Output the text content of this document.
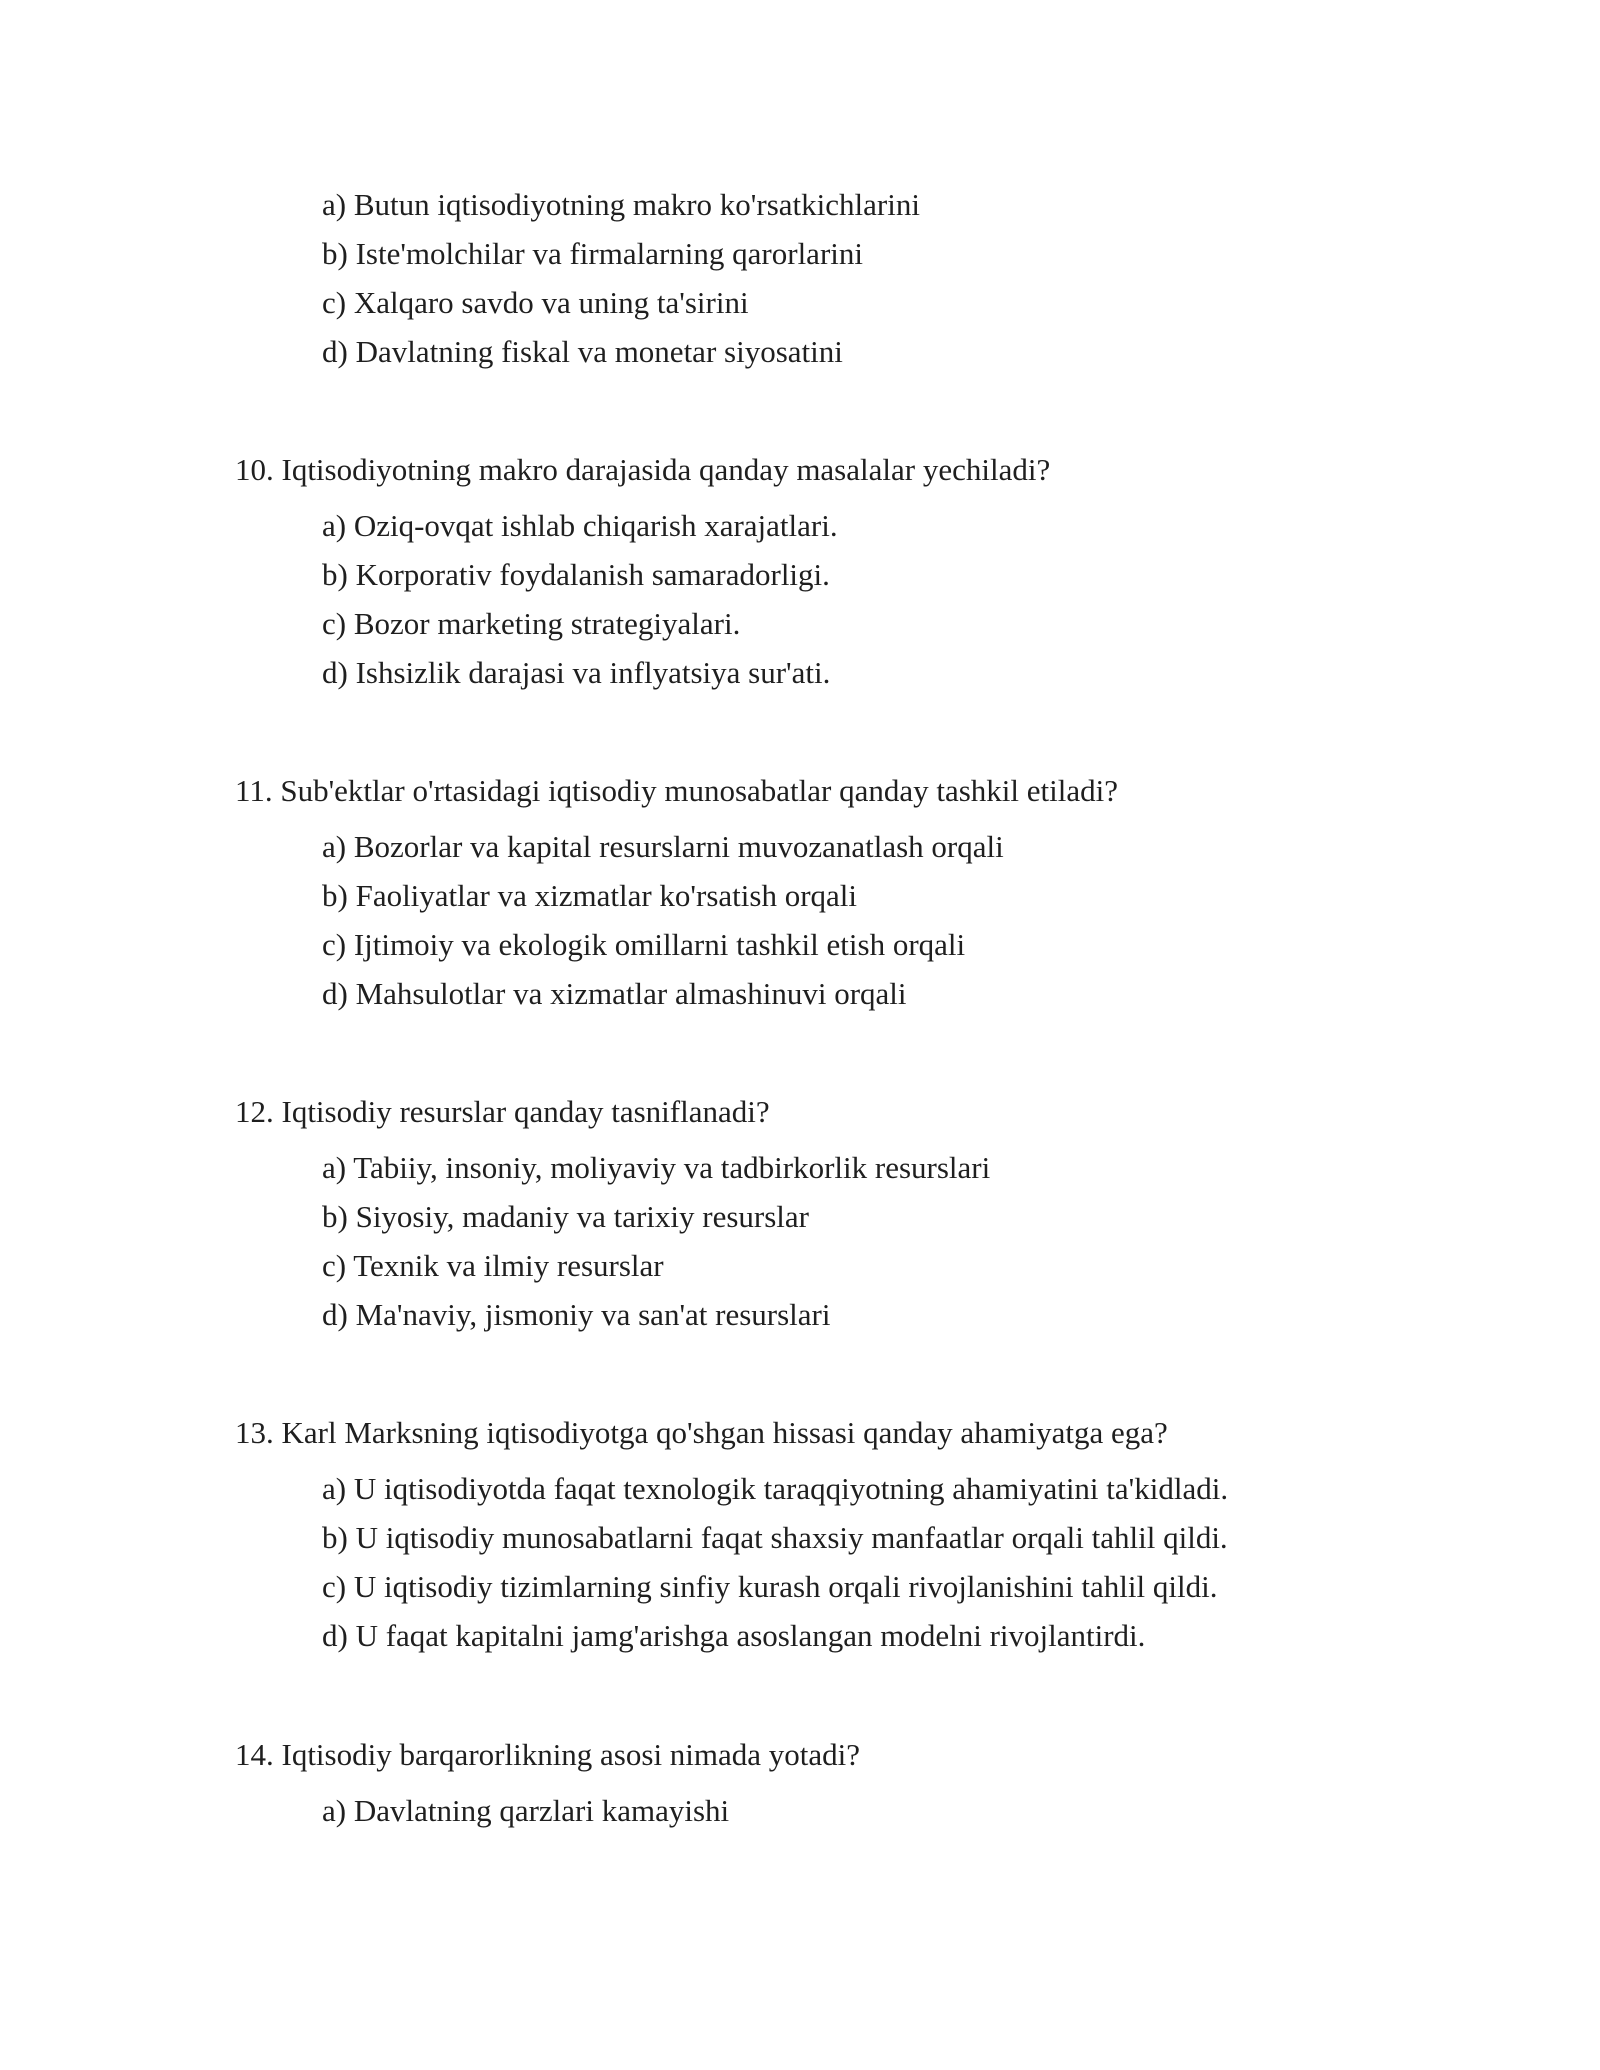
a) Butun iqtisodiyotning makro ko'rsatkichlarini
b) Iste'molchilar va firmalarning qarorlarini
c) Xalqaro savdo va uning ta'sirini
d) Davlatning fiskal va monetar siyosatini
10. Iqtisodiyotning makro darajasida qanday masalalar yechiladi?
a) Oziq-ovqat ishlab chiqarish xarajatlari.
b) Korporativ foydalanish samaradorligi.
c) Bozor marketing strategiyalari.
d) Ishsizlik darajasi va inflyatsiya sur'ati.
11. Sub'ektlar o'rtasidagi iqtisodiy munosabatlar qanday tashkil etiladi?
a) Bozorlar va kapital resurslarni muvozanatlash orqali
b) Faoliyatlar va xizmatlar ko'rsatish orqali
c) Ijtimoiy va ekologik omillarni tashkil etish orqali
d) Mahsulotlar va xizmatlar almashinuvi orqali
12. Iqtisodiy resurslar qanday tasniflanadi?
a) Tabiiy, insoniy, moliyaviy va tadbirkorlik resurslari
b) Siyosiy, madaniy va tarixiy resurslar
c) Texnik va ilmiy resurslar
d) Ma'naviy, jismoniy va san'at resurslari
13. Karl Marksning iqtisodiyotga qo'shgan hissasi qanday ahamiyatga ega?
a) U iqtisodiyotda faqat texnologik taraqqiyotning ahamiyatini ta'kidladi.
b) U iqtisodiy munosabatlarni faqat shaxsiy manfaatlar orqali tahlil qildi.
c) U iqtisodiy tizimlarning sinfiy kurash orqali rivojlanishini tahlil qildi.
d) U faqat kapitalni jamg'arishga asoslangan modelni rivojlantirdi.
14. Iqtisodiy barqarorlikning asosi nimada yotadi?
a) Davlatning qarzlari kamayishi
